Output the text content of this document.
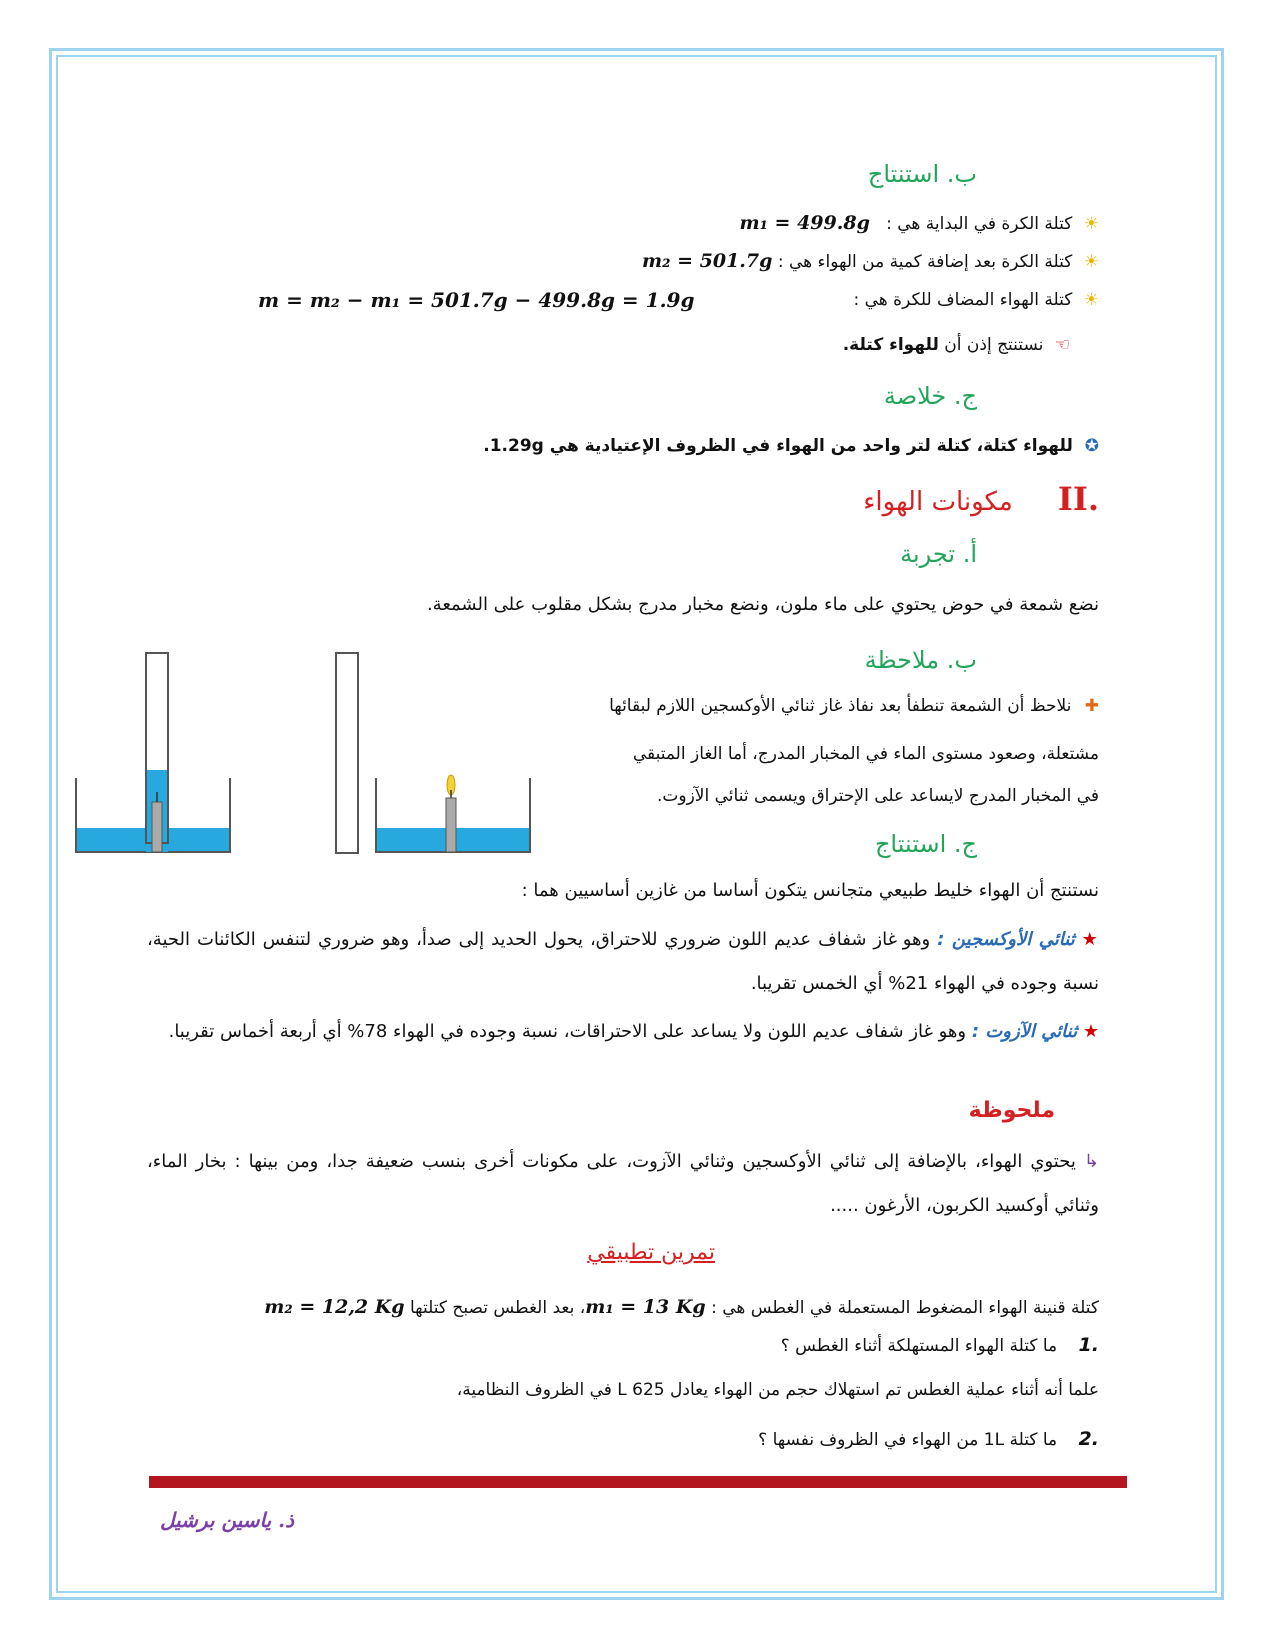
ب. استنتاج
☀ كتلة الكرة في البداية هي :   m₁ = 499.8g
☀ كتلة الكرة بعد إضافة كمية من الهواء هي : m₂ = 501.7g
☀ كتلة الهواء المضاف للكرة هي :
m = m₂ − m₁ = 501.7g − 499.8g = 1.9g
☜ نستنتج إذن أن للهواء كتلة.
ج. خلاصة
✪ للهواء كتلة، كتلة لتر واحد من الهواء في الظروف الإعتيادية هي 1.29g.
II. مكونات الهواء
أ. تجربة
نضع شمعة في حوض يحتوي على ماء ملون، ونضع مخبار مدرج بشكل مقلوب على الشمعة.
ب. ملاحظة
✚ نلاحظ أن الشمعة تنطفأ بعد نفاذ غاز ثنائي الأوكسجين اللازم لبقائها
مشتعلة، وصعود مستوى الماء في المخبار المدرج، أما الغاز المتبقي
في المخبار المدرج لايساعد على الإحتراق ويسمى ثنائي الآزوت.
ج. استنتاج
نستنتج أن الهواء خليط طبيعي متجانس يتكون أساسا من غازين أساسيين هما :
★ ثنائي الأوكسجين : وهو غاز شفاف عديم اللون ضروري للاحتراق، يحول الحديد إلى صدأ، وهو ضروري لتنفس الكائنات الحية، نسبة وجوده في الهواء 21% أي الخمس تقريبا.
★ ثنائي الآزوت : وهو غاز شفاف عديم اللون ولا يساعد على الاحتراقات، نسبة وجوده في الهواء 78% أي أربعة أخماس تقريبا.
ملحوظة
↳ يحتوي الهواء، بالإضافة إلى ثنائي الأوكسجين وثنائي الآزوت، على مكونات أخرى بنسب ضعيفة جدا، ومن بينها : بخار الماء، وثنائي أوكسيد الكربون، الأرغون .....
تمرين تطبيقي
كتلة قنينة الهواء المضغوط المستعملة في الغطس هي : m₁ = 13 Kg، بعد الغطس تصبح كتلتها m₂ = 12,2 Kg
1. ما كتلة الهواء المستهلكة أثناء الغطس ؟
علما أنه أثناء عملية الغطس تم استهلاك حجم من الهواء يعادل 625 L في الظروف النظامية،
2. ما كتلة 1L من الهواء في الظروف نفسها ؟
ذ. ياسين برشيل
